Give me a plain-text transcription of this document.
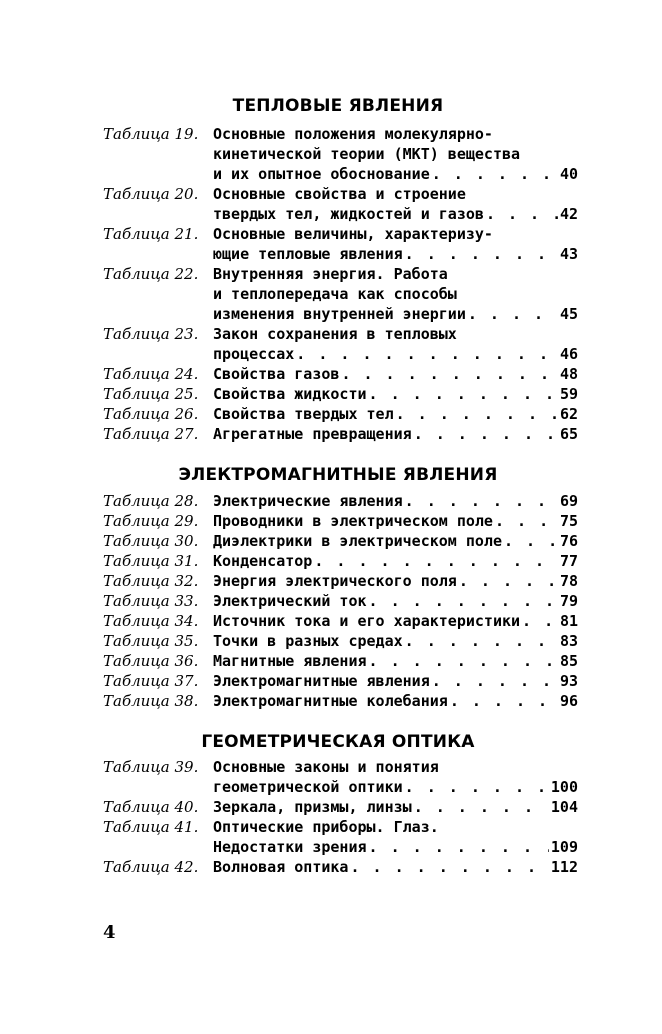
ТЕПЛОВЫЕ ЯВЛЕНИЯ
Таблица 19. Основные положения молекулярно-
кинетической теории (МКТ) вещества
и их опытное обоснование . . .	40
Таблица 20. Основные свойства и строение
твердых тел, жидкостей и газов . . .	42
Таблица 21. Основные величины, характеризу-
ющие тепловые явления . . .	43
Таблица 22. Внутренняя энергия. Работа
и теплопередача как способы
изменения внутренней энергии . . .	45
Таблица 23. Закон сохранения в тепловых
процессах . . .	46
Таблица 24. Свойства газов . . .	48
Таблица 25. Свойства жидкости . . .	59
Таблица 26. Свойства твердых тел . . .	62
Таблица 27. Агрегатные превращения . . .	65
ЭЛЕКТРОМАГНИТНЫЕ ЯВЛЕНИЯ
Таблица 28. Электрические явления . . .	69
Таблица 29. Проводники в электрическом поле . . .	75
Таблица 30. Диэлектрики в электрическом поле . . .	76
Таблица 31. Конденсатор . . .	77
Таблица 32. Энергия электрического поля . . .	78
Таблица 33. Электрический ток . . .	79
Таблица 34. Источник тока и его характеристики . . .	81
Таблица 35. Точки в разных средах . . .	83
Таблица 36. Магнитные явления . . .	85
Таблица 37. Электромагнитные явления . . .	93
Таблица 38. Электромагнитные колебания . . .	96
ГЕОМЕТРИЧЕСКАЯ ОПТИКА
Таблица 39. Основные законы и понятия
геометрической оптики . . .	100
Таблица 40. Зеркала, призмы, линзы . . .	104
Таблица 41. Оптические приборы. Глаз.
Недостатки зрения . . .	109
Таблица 42. Волновая оптика . . .	112
4
